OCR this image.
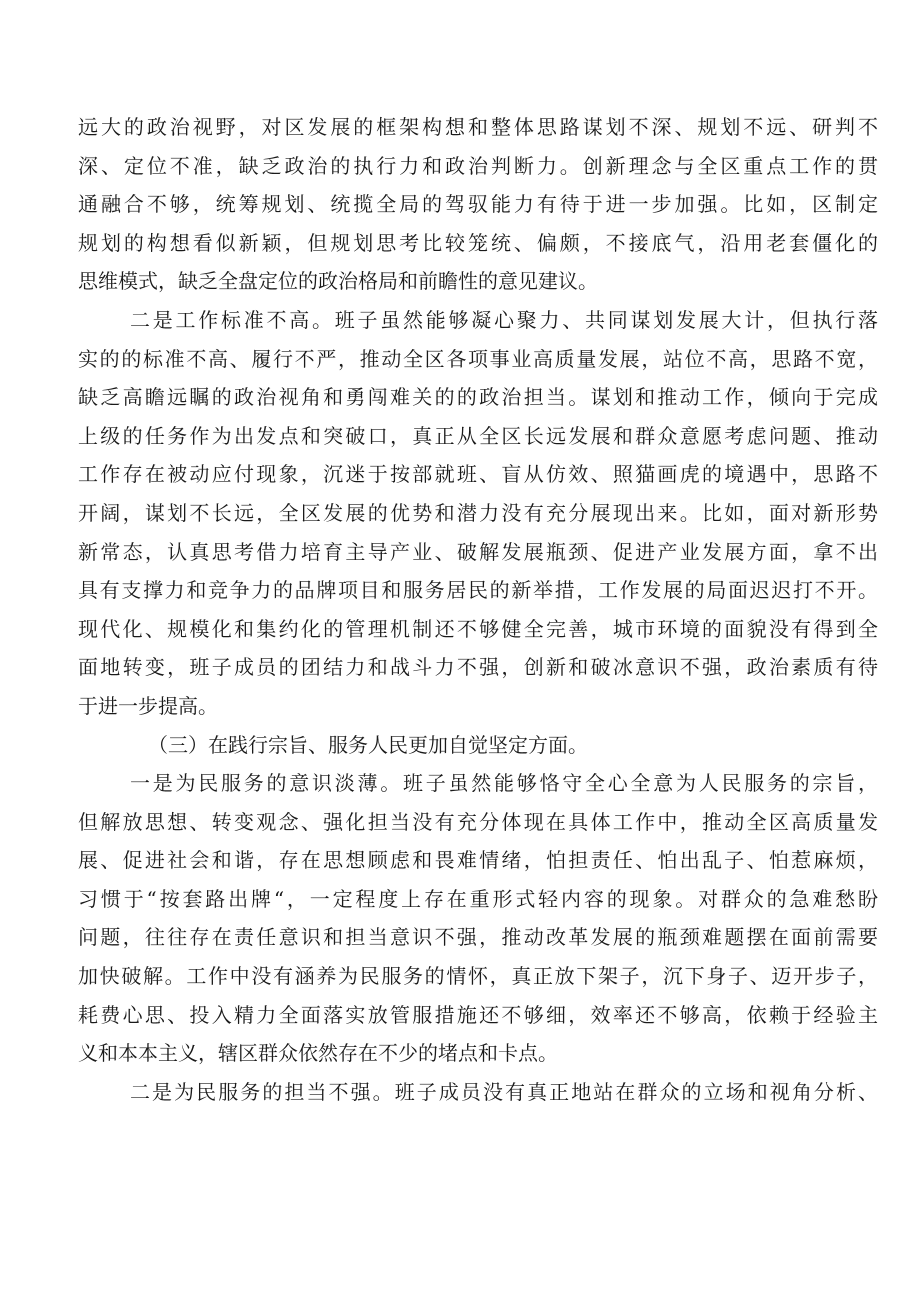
远大的政治视野，对区发展的框架构想和整体思路谋划不深、规划不远、研判不
深、定位不准，缺乏政治的执行力和政治判断力。创新理念与全区重点工作的贯
通融合不够，统筹规划、统揽全局的驾驭能力有待于进一步加强。比如，区制定
规划的构想看似新颖，但规划思考比较笼统、偏颇，不接底气，沿用老套僵化的
思维模式，缺乏全盘定位的政治格局和前瞻性的意见建议。
二是工作标准不高。班子虽然能够凝心聚力、共同谋划发展大计，但执行落
实的的标准不高、履行不严，推动全区各项事业高质量发展，站位不高，思路不宽，
缺乏高瞻远瞩的政治视角和勇闯难关的的政治担当。谋划和推动工作，倾向于完成
上级的任务作为出发点和突破口，真正从全区长远发展和群众意愿考虑问题、推动
工作存在被动应付现象，沉迷于按部就班、盲从仿效、照猫画虎的境遇中，思路不
开阔，谋划不长远，全区发展的优势和潜力没有充分展现出来。比如，面对新形势
新常态，认真思考借力培育主导产业、破解发展瓶颈、促进产业发展方面，拿不出
具有支撑力和竞争力的品牌项目和服务居民的新举措，工作发展的局面迟迟打不开。
现代化、规模化和集约化的管理机制还不够健全完善，城市环境的面貌没有得到全
面地转变，班子成员的团结力和战斗力不强，创新和破冰意识不强，政治素质有待
于进一步提高。
（三）在践行宗旨、服务人民更加自觉坚定方面。
一是为民服务的意识淡薄。班子虽然能够恪守全心全意为人民服务的宗旨，
但解放思想、转变观念、强化担当没有充分体现在具体工作中，推动全区高质量发
展、促进社会和谐，存在思想顾虑和畏难情绪，怕担责任、怕出乱子、怕惹麻烦，
习惯于“按套路出牌“，一定程度上存在重形式轻内容的现象。对群众的急难愁盼
问题，往往存在责任意识和担当意识不强，推动改革发展的瓶颈难题摆在面前需要
加快破解。工作中没有涵养为民服务的情怀，真正放下架子，沉下身子、迈开步子，
耗费心思、投入精力全面落实放管服措施还不够细，效率还不够高，依赖于经验主
义和本本主义，辖区群众依然存在不少的堵点和卡点。
二是为民服务的担当不强。班子成员没有真正地站在群众的立场和视角分析、
